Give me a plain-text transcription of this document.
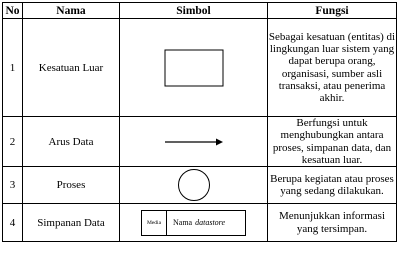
No	Nama	Simbol	Fungsi
1	Kesatuan Luar		Sebagai kesatuan (entitas) di lingkungan luar sistem yang dapat berupa orang, organisasi, sumber asli transaksi, atau penerima akhir.
2	Arus Data		Berfungsi untuk menghubungkan antara proses, simpanan data, dan kesatuan luar.
3	Proses		Berupa kegiatan atau proses yang sedang dilakukan.
4	Simpanan Data	Media Nama datastore	Menunjukkan informasi yang tersimpan.
